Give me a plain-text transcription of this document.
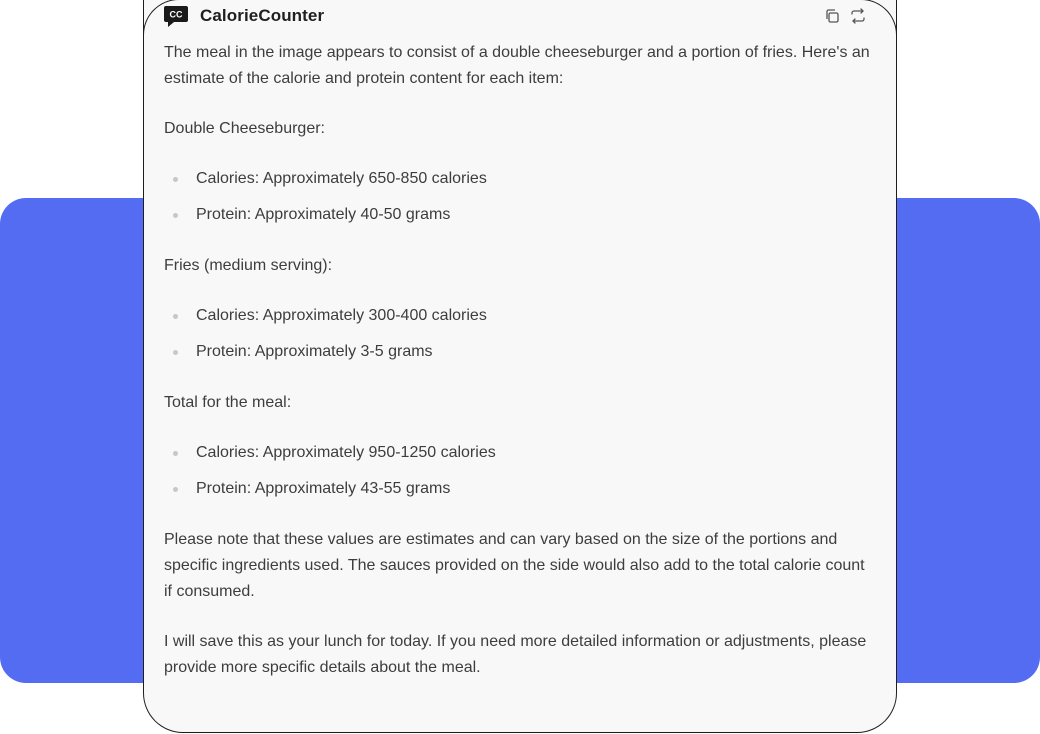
CC CalorieCounter

The meal in the image appears to consist of a double cheeseburger and a portion of fries. Here's an estimate of the calorie and protein content for each item:

Double Cheeseburger:

Calories: Approximately 650-850 calories
Protein: Approximately 40-50 grams

Fries (medium serving):

Calories: Approximately 300-400 calories
Protein: Approximately 3-5 grams

Total for the meal:

Calories: Approximately 950-1250 calories
Protein: Approximately 43-55 grams

Please note that these values are estimates and can vary based on the size of the portions and specific ingredients used. The sauces provided on the side would also add to the total calorie count if consumed.

I will save this as your lunch for today. If you need more detailed information or adjustments, please provide more specific details about the meal.
